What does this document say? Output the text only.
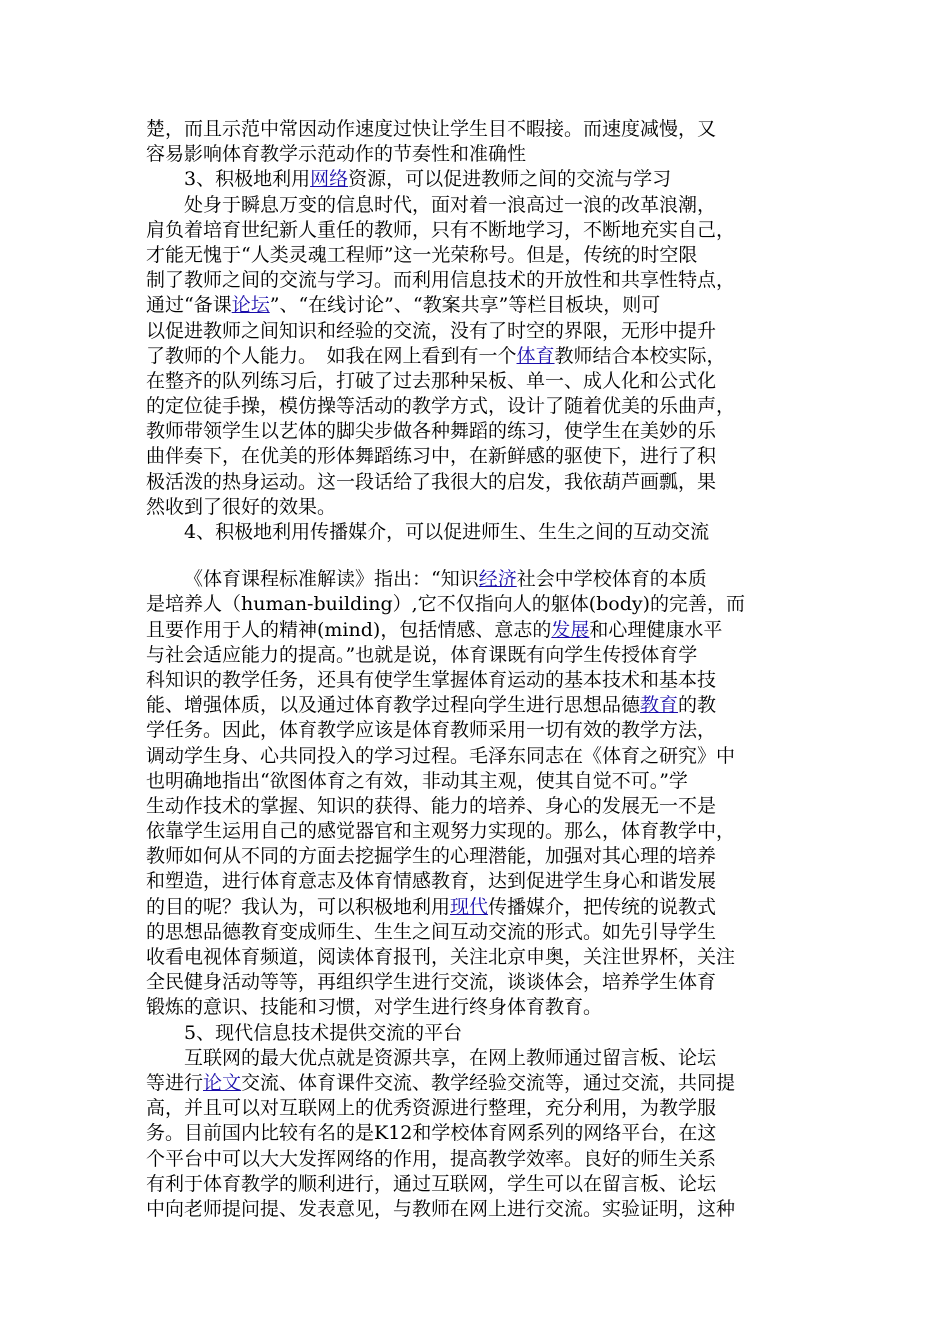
楚，而且示范中常因动作速度过快让学生目不暇接。而速度减慢，又
容易影响体育教学示范动作的节奏性和准确性
3、积极地利用网络资源，可以促进教师之间的交流与学习
处身于瞬息万变的信息时代，面对着一浪高过一浪的改革浪潮，
肩负着培育世纪新人重任的教师，只有不断地学习，不断地充实自己，
才能无愧于“人类灵魂工程师”这一光荣称号。但是，传统的时空限
制了教师之间的交流与学习。而利用信息技术的开放性和共享性特点，
通过“备课论坛”、“在线讨论”、“教案共享”等栏目板块，则可
以促进教师之间知识和经验的交流，没有了时空的界限，无形中提升
了教师的个人能力。　如我在网上看到有一个体育教师结合本校实际，
在整齐的队列练习后，打破了过去那种呆板、单一、成人化和公式化
的定位徒手操，模仿操等活动的教学方式，设计了随着优美的乐曲声，
教师带领学生以艺体的脚尖步做各种舞蹈的练习，使学生在美妙的乐
曲伴奏下，在优美的形体舞蹈练习中，在新鲜感的驱使下，进行了积
极活泼的热身运动。这一段话给了我很大的启发，我依葫芦画瓢，果
然收到了很好的效果。
4、积极地利用传播媒介，可以促进师生、生生之间的互动交流
《体育课程标准解读》指出：“知识经济社会中学校体育的本质
是培养人（human-building）,它不仅指向人的躯体(body)的完善，而
且要作用于人的精神(mind)，包括情感、意志的发展和心理健康水平
与社会适应能力的提高。”也就是说，体育课既有向学生传授体育学
科知识的教学任务，还具有使学生掌握体育运动的基本技术和基本技
能、增强体质，以及通过体育教学过程向学生进行思想品德教育的教
学任务。因此，体育教学应该是体育教师采用一切有效的教学方法，
调动学生身、心共同投入的学习过程。毛泽东同志在《体育之研究》中
也明确地指出“欲图体育之有效，非动其主观，使其自觉不可。”学
生动作技术的掌握、知识的获得、能力的培养、身心的发展无一不是
依靠学生运用自己的感觉器官和主观努力实现的。那么，体育教学中，
教师如何从不同的方面去挖掘学生的心理潜能，加强对其心理的培养
和塑造，进行体育意志及体育情感教育，达到促进学生身心和谐发展
的目的呢？我认为，可以积极地利用现代传播媒介，把传统的说教式
的思想品德教育变成师生、生生之间互动交流的形式。如先引导学生
收看电视体育频道，阅读体育报刊，关注北京申奥，关注世界杯，关注
全民健身活动等等，再组织学生进行交流，谈谈体会，培养学生体育
锻炼的意识、技能和习惯，对学生进行终身体育教育。
5、现代信息技术提供交流的平台
互联网的最大优点就是资源共享，在网上教师通过留言板、论坛
等进行论文交流、体育课件交流、教学经验交流等，通过交流，共同提
高，并且可以对互联网上的优秀资源进行整理，充分利用，为教学服
务。目前国内比较有名的是K12和学校体育网系列的网络平台，在这
个平台中可以大大发挥网络的作用，提高教学效率。良好的师生关系
有利于体育教学的顺利进行，通过互联网，学生可以在留言板、论坛
中向老师提问提、发表意见，与教师在网上进行交流。实验证明，这种
